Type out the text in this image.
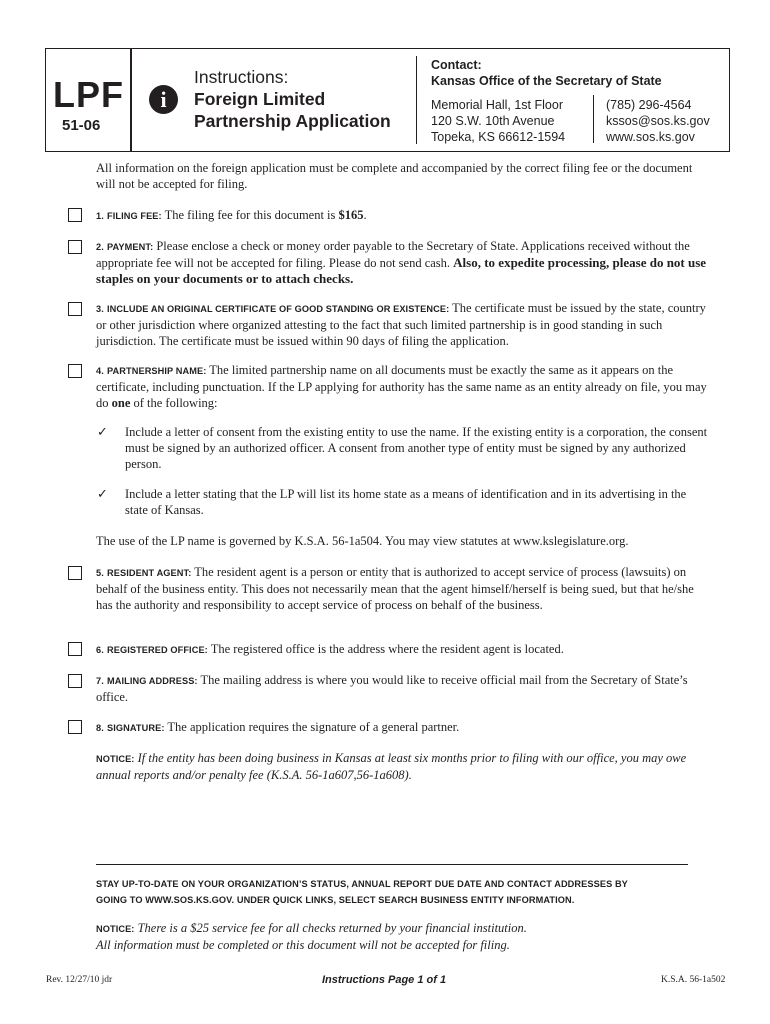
LPF
51-06
i
Instructions:
Foreign Limited
Partnership Application
Contact:
Kansas Office of the Secretary of State
Memorial Hall, 1st Floor
120 S.W. 10th Avenue
Topeka, KS 66612-1594
(785) 296-4564
kssos@sos.ks.gov
www.sos.ks.gov
All information on the foreign application must be complete and accompanied by the correct filing fee or the document will not be accepted for filing.
1. FILING FEE: The filing fee for this document is $165.
2. PAYMENT: Please enclose a check or money order payable to the Secretary of State. Applications received without the appropriate fee will not be accepted for filing. Please do not send cash. Also, to expedite processing, please do not use staples on your documents or to attach checks.
3. INCLUDE AN ORIGINAL CERTIFICATE OF GOOD STANDING OR EXISTENCE: The certificate must be issued by the state, country or other jurisdiction where organized attesting to the fact that such limited partnership is in good standing in such jurisdiction. The certificate must be issued within 90 days of filing the application.
4. PARTNERSHIP NAME: The limited partnership name on all documents must be exactly the same as it appears on the certificate, including punctuation. If the LP applying for authority has the same name as an entity already on file, you may do one of the following:
✓ Include a letter of consent from the existing entity to use the name. If the existing entity is a corporation, the consent must be signed by an authorized officer. A consent from another type of entity must be signed by any authorized person.
✓ Include a letter stating that the LP will list its home state as a means of identification and in its advertising in the state of Kansas.
The use of the LP name is governed by K.S.A. 56-1a504. You may view statutes at www.kslegislature.org.
5. RESIDENT AGENT: The resident agent is a person or entity that is authorized to accept service of process (lawsuits) on behalf of the business entity. This does not necessarily mean that the agent himself/herself is being sued, but that he/she has the authority and responsibility to accept service of process on behalf of the business.
6. REGISTERED OFFICE: The registered office is the address where the resident agent is located.
7. MAILING ADDRESS: The mailing address is where you would like to receive official mail from the Secretary of State’s office.
8. SIGNATURE: The application requires the signature of a general partner.
NOTICE: If the entity has been doing business in Kansas at least six months prior to filing with our office, you may owe annual reports and/or penalty fee (K.S.A. 56-1a607,56-1a608).
STAY UP-TO-DATE ON YOUR ORGANIZATION’S STATUS, ANNUAL REPORT DUE DATE AND CONTACT ADDRESSES BY
GOING TO WWW.SOS.KS.GOV. UNDER QUICK LINKS, SELECT SEARCH BUSINESS ENTITY INFORMATION.
NOTICE: There is a $25 service fee for all checks returned by your financial institution.
All information must be completed or this document will not be accepted for filing.
Rev. 12/27/10 jdr	Instructions Page 1 of 1	K.S.A. 56-1a502
